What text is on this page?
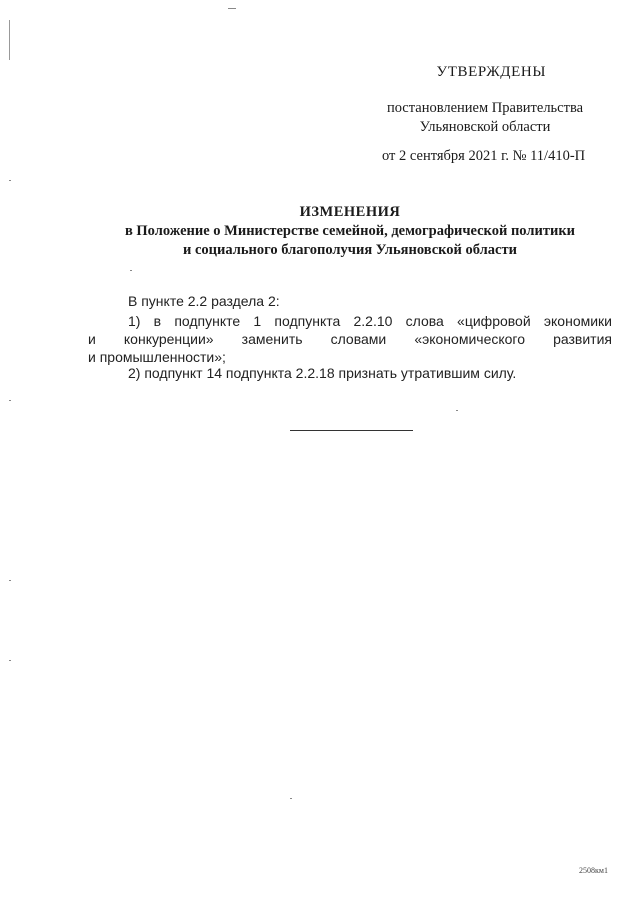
УТВЕРЖДЕНЫ
постановлением Правительства
Ульяновской области
от 2 сентября 2021 г. № 11/410-П
ИЗМЕНЕНИЯ
в Положение о Министерстве семейной, демографической политики
и социального благополучия Ульяновской области
В пункте 2.2 раздела 2:
1) в подпункте 1 подпункта 2.2.10 слова «цифровой экономики
и конкуренции» заменить словами «экономического развития
и промышленности»;
2) подпункт 14 подпункта 2.2.18 признать утратившим силу.
2508км1
